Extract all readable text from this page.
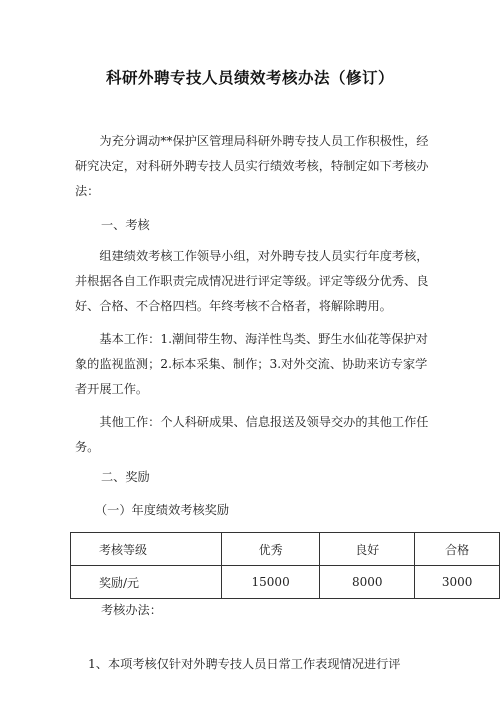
科研外聘专技人员绩效考核办法（修订）

为充分调动**保护区管理局科研外聘专技人员工作积极性，经研究决定，对科研外聘专技人员实行绩效考核，特制定如下考核办法：

一、考核

组建绩效考核工作领导小组，对外聘专技人员实行年度考核，并根据各自工作职责完成情况进行评定等级。评定等级分优秀、良好、合格、不合格四档。年终考核不合格者，将解除聘用。

基本工作：1.潮间带生物、海洋性鸟类、野生水仙花等保护对象的监视监测；2.标本采集、制作；3.对外交流、协助来访专家学者开展工作。

其他工作：个人科研成果、信息报送及领导交办的其他工作任务。

二、奖励

（一）年度绩效考核奖励

考核等级	优秀	良好	合格
奖励/元	15000	8000	3000

考核办法：

1、本项考核仅针对外聘专技人员日常工作表现情况进行评
